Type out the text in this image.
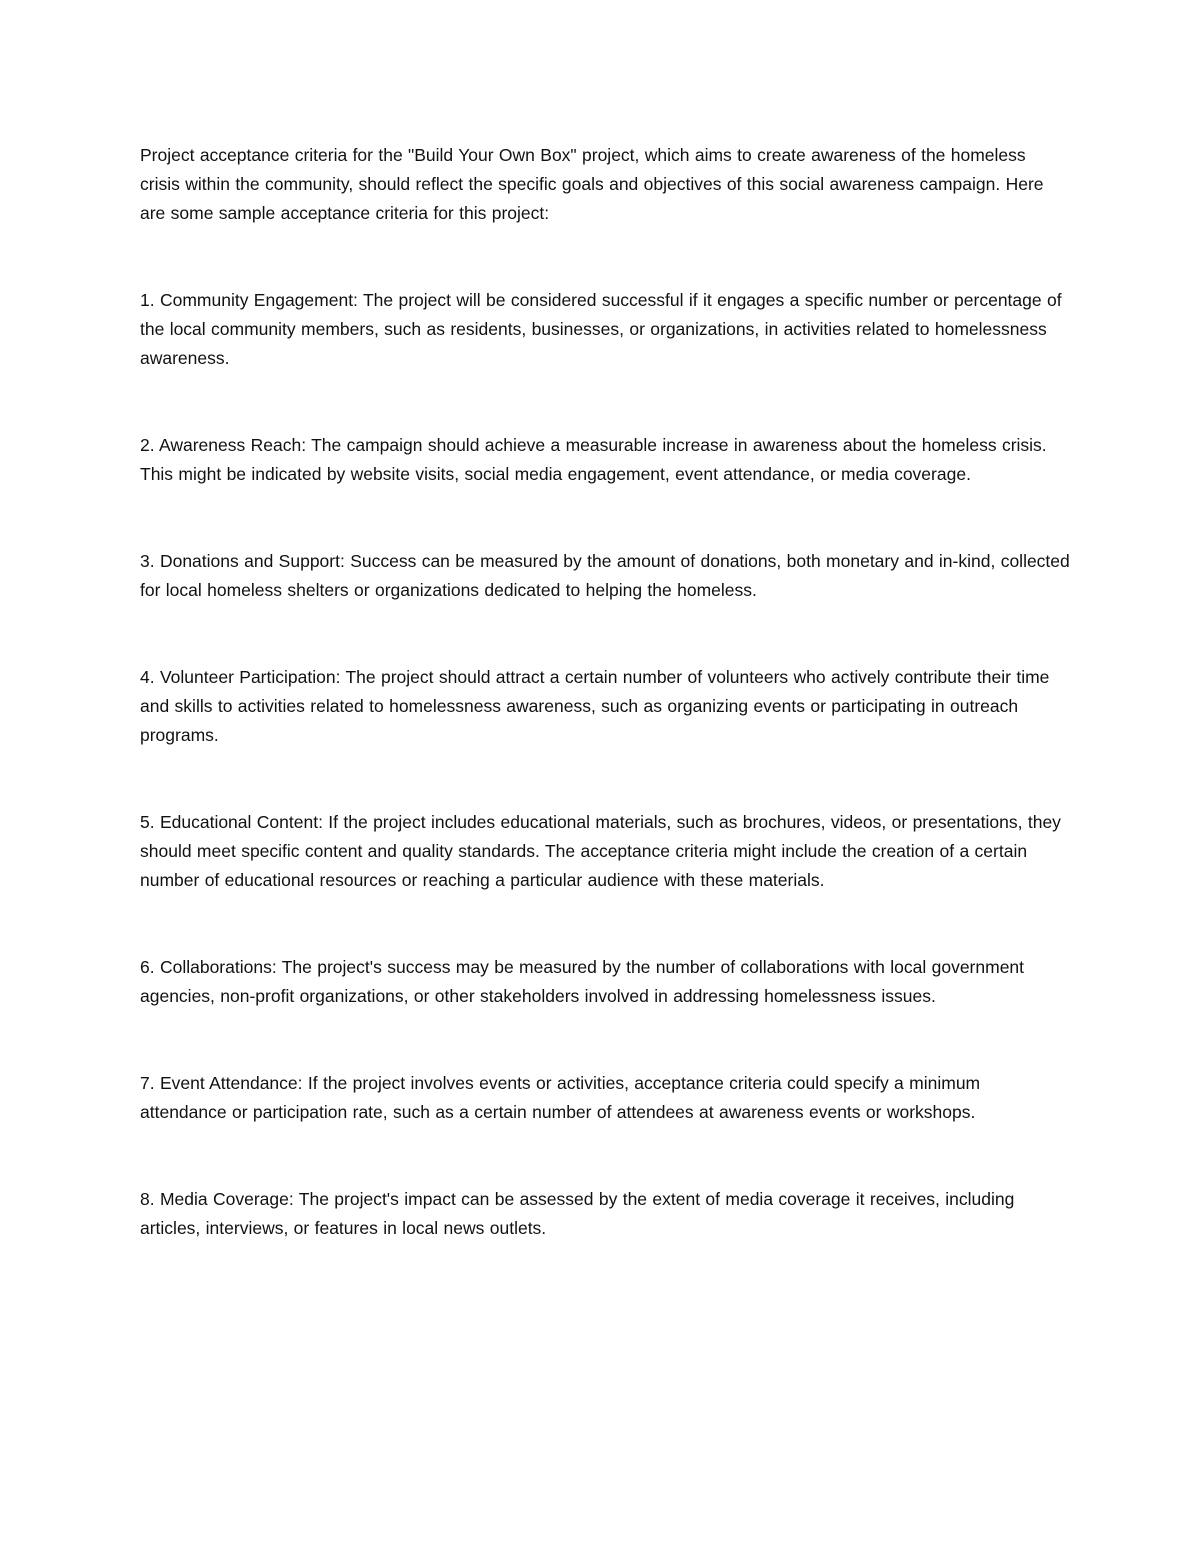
Project acceptance criteria for the "Build Your Own Box" project, which aims to create awareness of the homeless crisis within the community, should reflect the specific goals and objectives of this social awareness campaign. Here are some sample acceptance criteria for this project:

1. Community Engagement: The project will be considered successful if it engages a specific number or percentage of the local community members, such as residents, businesses, or organizations, in activities related to homelessness awareness.

2. Awareness Reach: The campaign should achieve a measurable increase in awareness about the homeless crisis. This might be indicated by website visits, social media engagement, event attendance, or media coverage.

3. Donations and Support: Success can be measured by the amount of donations, both monetary and in-kind, collected for local homeless shelters or organizations dedicated to helping the homeless.

4. Volunteer Participation: The project should attract a certain number of volunteers who actively contribute their time and skills to activities related to homelessness awareness, such as organizing events or participating in outreach programs.

5. Educational Content: If the project includes educational materials, such as brochures, videos, or presentations, they should meet specific content and quality standards. The acceptance criteria might include the creation of a certain number of educational resources or reaching a particular audience with these materials.

6. Collaborations: The project's success may be measured by the number of collaborations with local government agencies, non-profit organizations, or other stakeholders involved in addressing homelessness issues.

7. Event Attendance: If the project involves events or activities, acceptance criteria could specify a minimum attendance or participation rate, such as a certain number of attendees at awareness events or workshops.

8. Media Coverage: The project's impact can be assessed by the extent of media coverage it receives, including articles, interviews, or features in local news outlets.
